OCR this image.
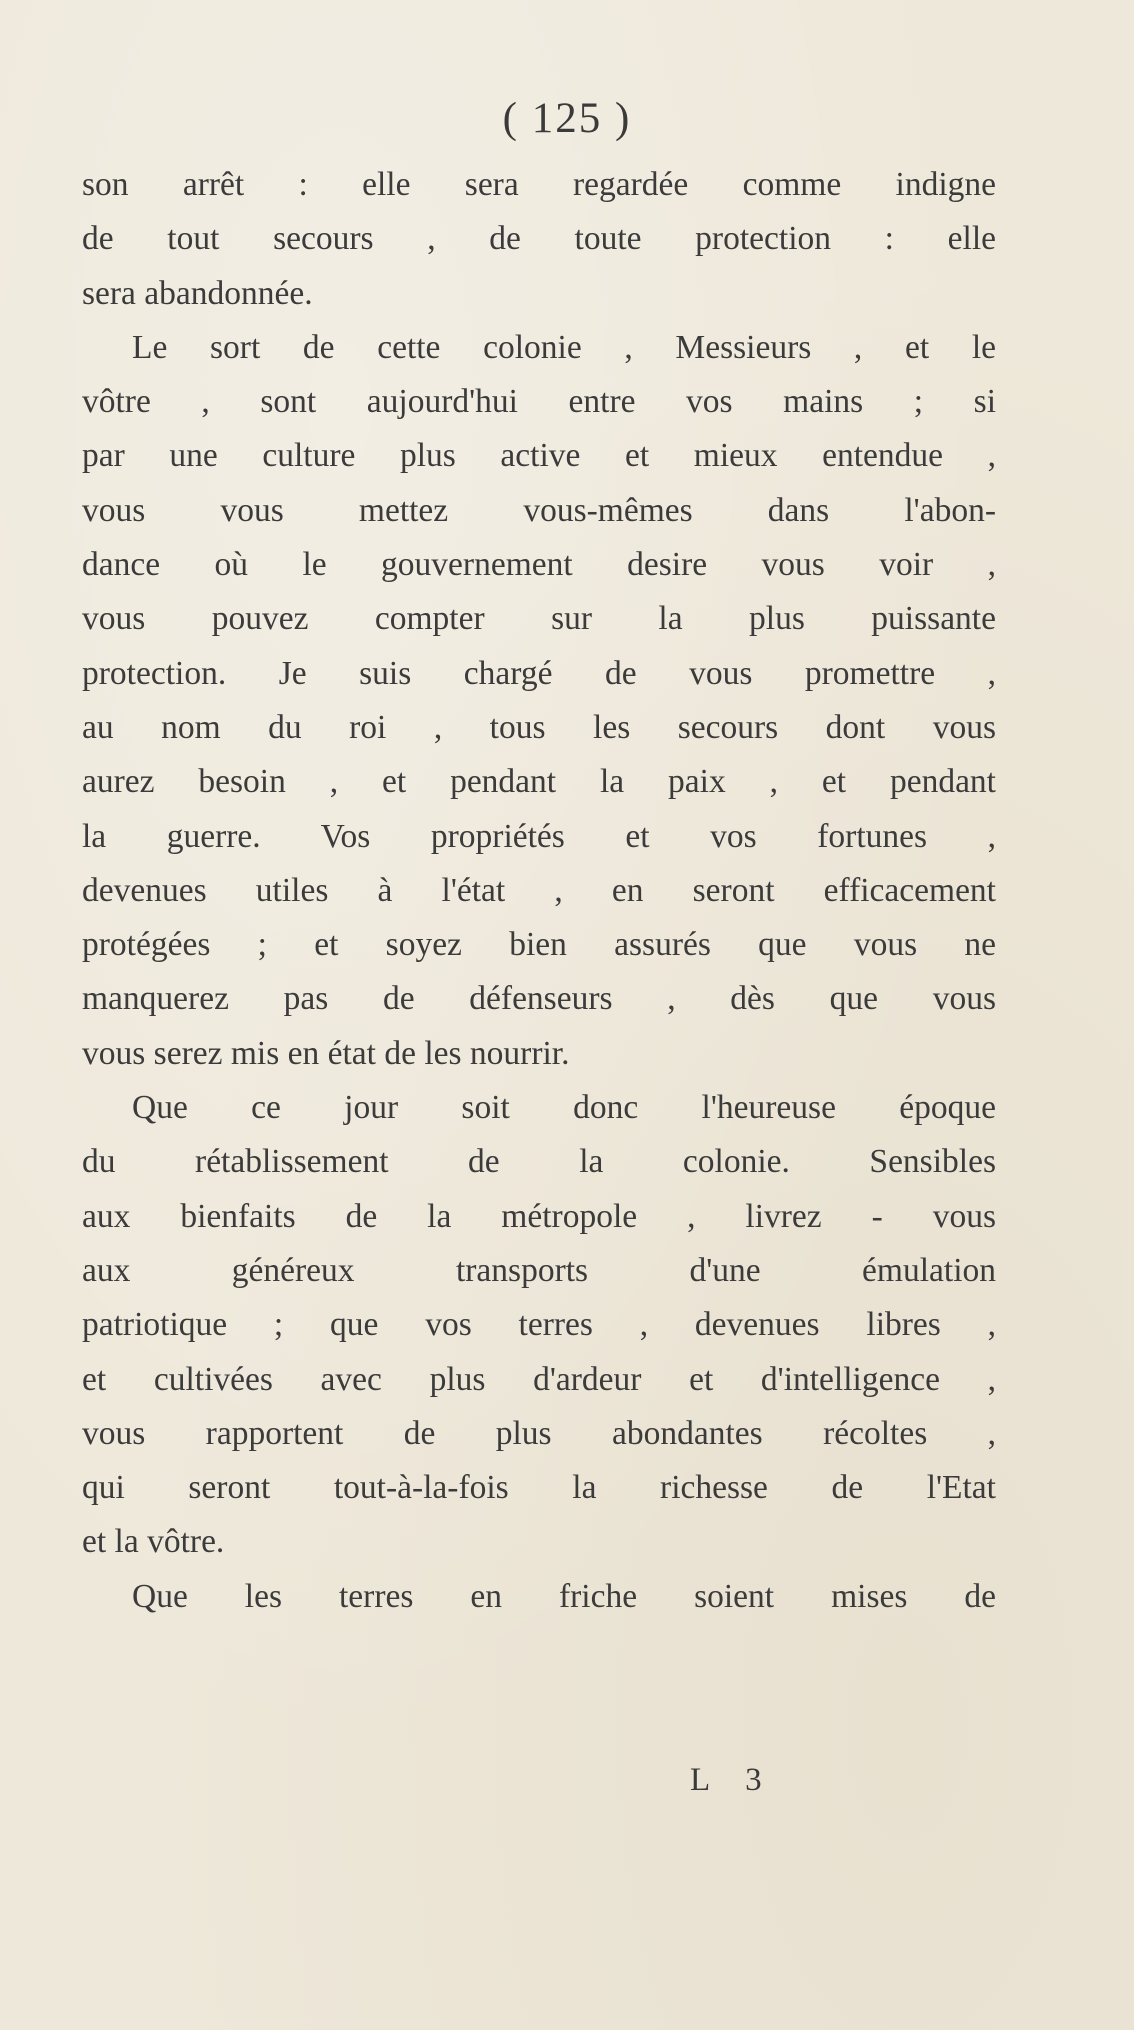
( 125 )
son arrêt : elle sera regardée comme indigne
de tout secours , de toute protection : elle
sera abandonnée.
Le sort de cette colonie , Messieurs , et le
vôtre , sont aujourd'hui entre vos mains ; si
par une culture plus active et mieux entendue ,
vous vous mettez vous-mêmes dans l'abon-
dance où le gouvernement desire vous voir ,
vous pouvez compter sur la plus puissante
protection. Je suis chargé de vous promettre ,
au nom du roi , tous les secours dont vous
aurez besoin , et pendant la paix , et pendant
la guerre. Vos propriétés et vos fortunes ,
devenues utiles à l'état , en seront efficacement
protégées ; et soyez bien assurés que vous ne
manquerez pas de défenseurs , dès que vous
vous serez mis en état de les nourrir.
Que ce jour soit donc l'heureuse époque
du rétablissement de la colonie. Sensibles
aux bienfaits de la métropole , livrez - vous
aux généreux transports d'une émulation
patriotique ; que vos terres , devenues libres ,
et cultivées avec plus d'ardeur et d'intelligence ,
vous rapportent de plus abondantes récoltes ,
qui seront tout-à-la-fois la richesse de l'Etat
et la vôtre.
Que les terres en friche soient mises de
L 3
